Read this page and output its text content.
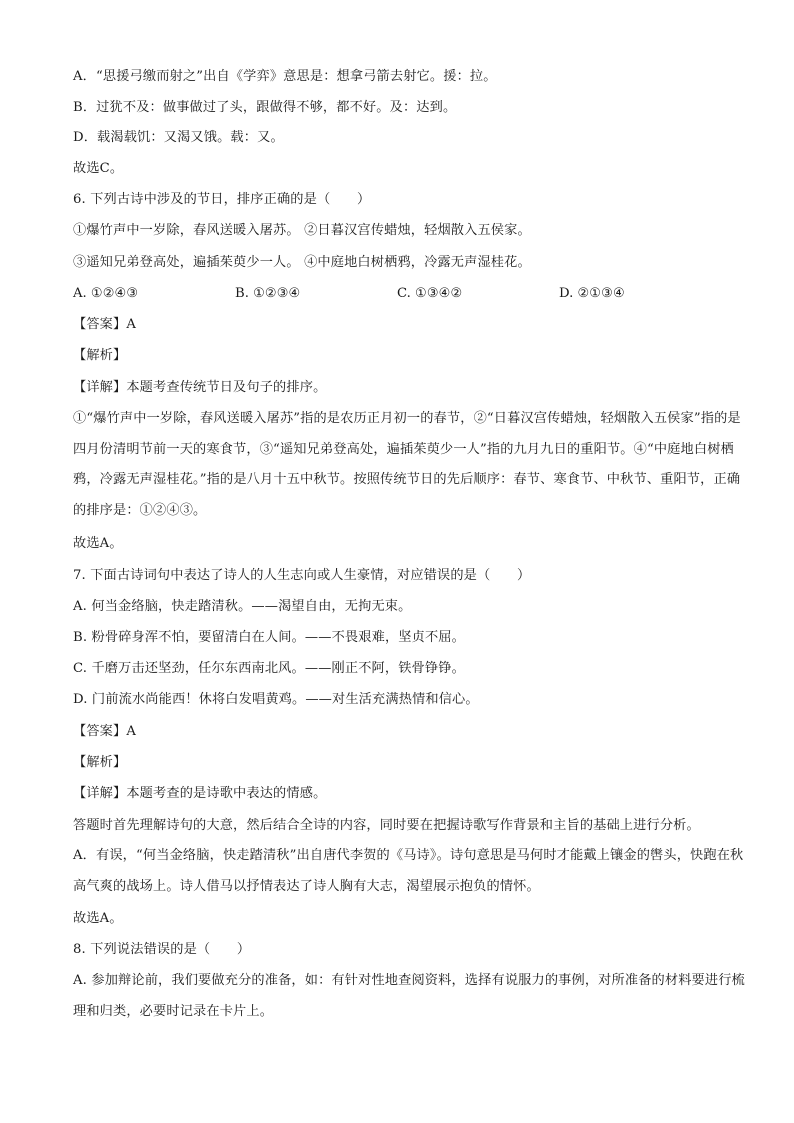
A．“思援弓缴而射之”出自《学弈》意思是：想拿弓箭去射它。援：拉。
B．过犹不及：做事做过了头，跟做得不够，都不好。及：达到。
D．载渴载饥：又渴又饿。载：又。
故选C。
6. 下列古诗中涉及的节日，排序正确的是（　　）
①爆竹声中一岁除，春风送暖入屠苏。 ②日暮汉宫传蜡烛，轻烟散入五侯家。
③遥知兄弟登高处，遍插茱萸少一人。 ④中庭地白树栖鸦，冷露无声湿桂花。
A. ①②④③	B. ①②③④	C. ①③④②	D. ②①③④
【答案】A
【解析】
【详解】本题考查传统节日及句子的排序。
①“爆竹声中一岁除，春风送暖入屠苏”指的是农历正月初一的春节，②“日暮汉宫传蜡烛，轻烟散入五侯家”指的是四月份清明节前一天的寒食节，③“遥知兄弟登高处，遍插茱萸少一人”指的九月九日的重阳节。④“中庭地白树栖鸦，冷露无声湿桂花。”指的是八月十五中秋节。按照传统节日的先后顺序：春节、寒食节、中秋节、重阳节，正确的排序是：①②④③。
故选A。
7. 下面古诗词句中表达了诗人的人生志向或人生豪情，对应错误的是（　　）
A. 何当金络脑，快走踏清秋。——渴望自由，无拘无束。
B. 粉骨碎身浑不怕，要留清白在人间。——不畏艰难，坚贞不屈。
C. 千磨万击还坚劲，任尔东西南北风。——刚正不阿，铁骨铮铮。
D. 门前流水尚能西！休将白发唱黄鸡。——对生活充满热情和信心。
【答案】A
【解析】
【详解】本题考查的是诗歌中表达的情感。
答题时首先理解诗句的大意，然后结合全诗的内容，同时要在把握诗歌写作背景和主旨的基础上进行分析。
A．有误，“何当金络脑，快走踏清秋”出自唐代李贺的《马诗》。诗句意思是马何时才能戴上镶金的辔头，快跑在秋高气爽的战场上。诗人借马以抒情表达了诗人胸有大志，渴望展示抱负的情怀。
故选A。
8. 下列说法错误的是（　　）
A. 参加辩论前，我们要做充分的准备，如：有针对性地查阅资料，选择有说服力的事例，对所准备的材料要进行梳理和归类，必要时记录在卡片上。
